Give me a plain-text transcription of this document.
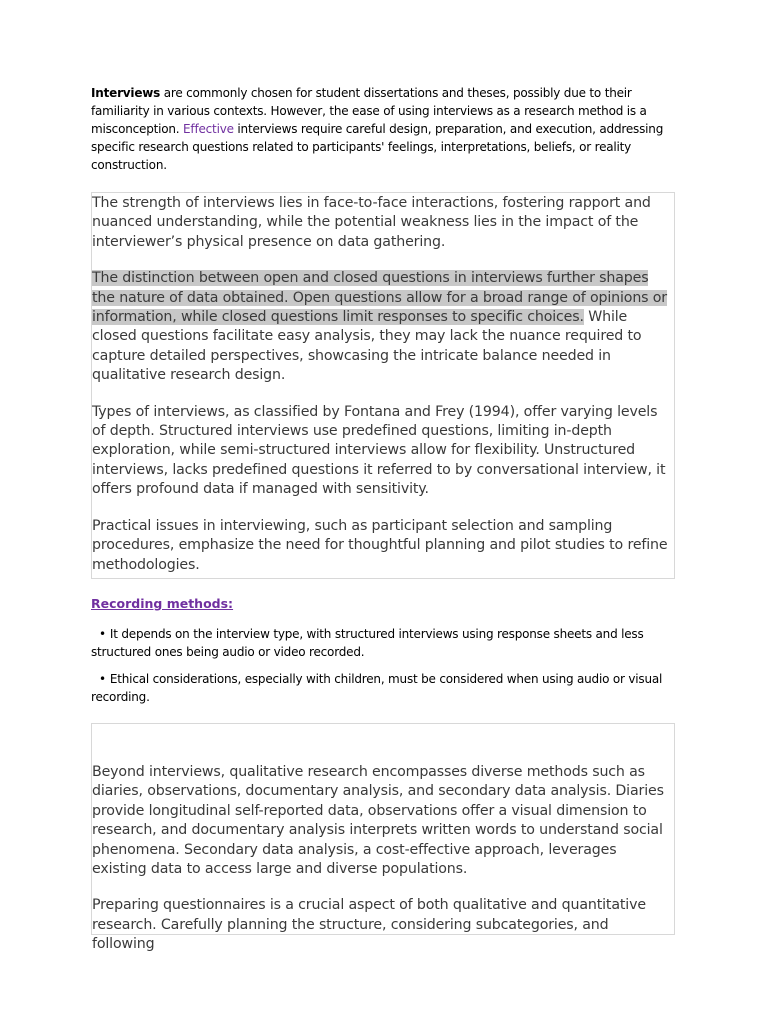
Interviews are commonly chosen for student dissertations and theses, possibly due to their familiarity in various contexts. However, the ease of using interviews as a research method is a misconception. Effective interviews require careful design, preparation, and execution, addressing specific research questions related to participants' feelings, interpretations, beliefs, or reality construction.

The strength of interviews lies in face-to-face interactions, fostering rapport and nuanced understanding, while the potential weakness lies in the impact of the interviewer’s physical presence on data gathering.

The distinction between open and closed questions in interviews further shapes the nature of data obtained. Open questions allow for a broad range of opinions or information, while closed questions limit responses to specific choices. While closed questions facilitate easy analysis, they may lack the nuance required to capture detailed perspectives, showcasing the intricate balance needed in qualitative research design.

Types of interviews, as classified by Fontana and Frey (1994), offer varying levels of depth. Structured interviews use predefined questions, limiting in-depth exploration, while semi-structured interviews allow for flexibility. Unstructured interviews, lacks predefined questions it referred to by conversational interview, it offers profound data if managed with sensitivity.

Practical issues in interviewing, such as participant selection and sampling procedures, emphasize the need for thoughtful planning and pilot studies to refine methodologies.

Recording methods:
• It depends on the interview type, with structured interviews using response sheets and less structured ones being audio or video recorded.
• Ethical considerations, especially with children, must be considered when using audio or visual recording.

Beyond interviews, qualitative research encompasses diverse methods such as diaries, observations, documentary analysis, and secondary data analysis. Diaries provide longitudinal self-reported data, observations offer a visual dimension to research, and documentary analysis interprets written words to understand social phenomena. Secondary data analysis, a cost-effective approach, leverages existing data to access large and diverse populations.

Preparing questionnaires is a crucial aspect of both qualitative and quantitative research. Carefully planning the structure, considering subcategories, and following
